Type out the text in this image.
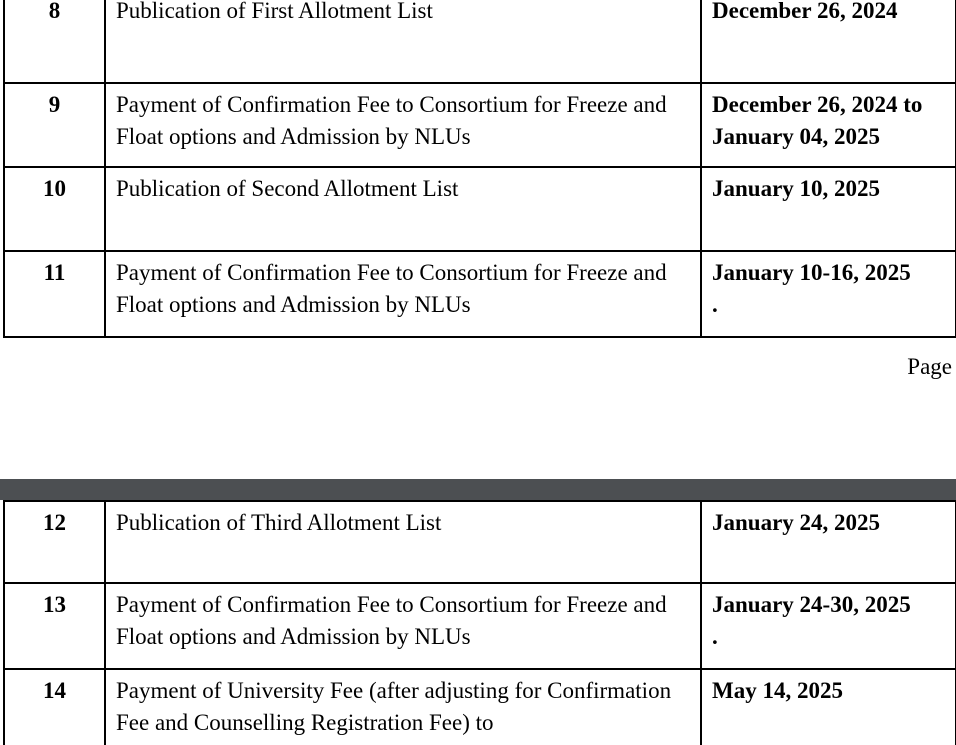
8	Publication of First Allotment List	December 26, 2024
9	Payment of Confirmation Fee to Consortium for Freeze and Float options and Admission by NLUs	December 26, 2024 to January 04, 2025
10	Publication of Second Allotment List	January 10, 2025
11	Payment of Confirmation Fee to Consortium for Freeze and Float options and Admission by NLUs	January 10-16, 2025
.
Page
12	Publication of Third Allotment List	January 24, 2025
13	Payment of Confirmation Fee to Consortium for Freeze and Float options and Admission by NLUs	January 24-30, 2025
.
14	Payment of University Fee (after adjusting for Confirmation Fee and Counselling Registration Fee) to	May 14, 2025
